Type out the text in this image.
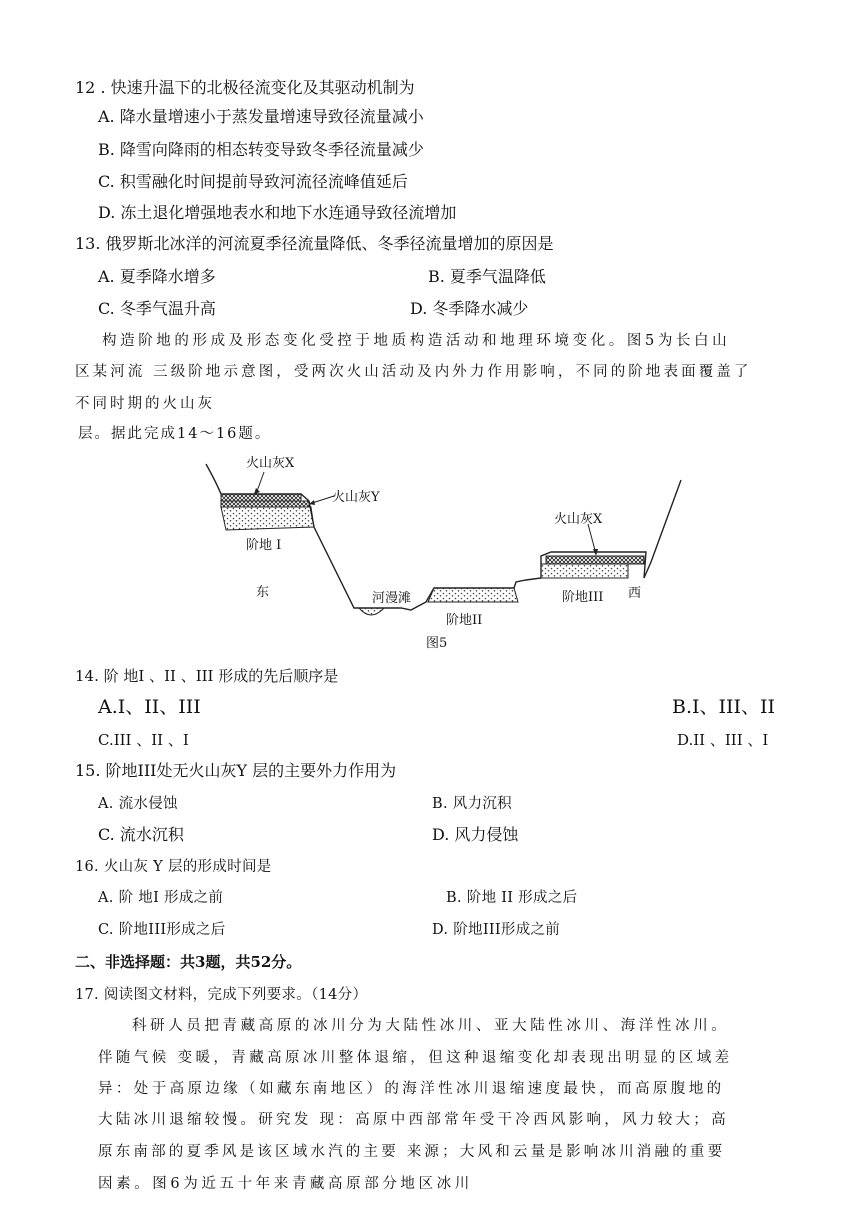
12 . 快速升温下的北极径流变化及其驱动机制为
A. 降水量增速小于蒸发量增速导致径流量减小
B. 降雪向降雨的相态转变导致冬季径流量减少
C. 积雪融化时间提前导致河流径流峰值延后
D. 冻土退化增强地表水和地下水连通导致径流增加
13. 俄罗斯北冰洋的河流夏季径流量降低、冬季径流量增加的原因是
A. 夏季降水增多	B. 夏季气温降低
C. 冬季气温升高	D. 冬季降水减少
构造阶地的形成及形态变化受控于地质构造活动和地理环境变化。图5为长白山
区某河流 三级阶地示意图，受两次火山活动及内外力作用影响，不同的阶地表面覆盖了
不同时期的火山灰
层。据此完成14～16题。
火山灰X
火山灰Y
阶地 I
东	河漫滩
阶地II
火山灰X
阶地III 西
图5
14. 阶 地I 、II 、III 形成的先后顺序是
A.I、II、III	B.I、III、II
C.III 、II 、I	D.II 、III 、I
15. 阶地III处无火山灰Y 层的主要外力作用为
A. 流水侵蚀	B. 风力沉积
C. 流水沉积	D. 风力侵蚀
16. 火山灰 Y 层的形成时间是
A. 阶 地I 形成之前	B. 阶地 II 形成之后
C. 阶地III形成之后	D. 阶地III形成之前
二、非选择题：共3题，共52分。
17. 阅读图文材料，完成下列要求。（14分）
科研人员把青藏高原的冰川分为大陆性冰川、亚大陆性冰川、海洋性冰川。
伴随气候 变暖，青藏高原冰川整体退缩，但这种退缩变化却表现出明显的区域差
异：处于高原边缘（如藏东南地区）的海洋性冰川退缩速度最快，而高原腹地的
大陆冰川退缩较慢。研究发 现：高原中西部常年受干冷西风影响，风力较大；高
原东南部的夏季风是该区域水汽的主要 来源；大风和云量是影响冰川消融的重要
因素。图6为近五十年来青藏高原部分地区冰川
